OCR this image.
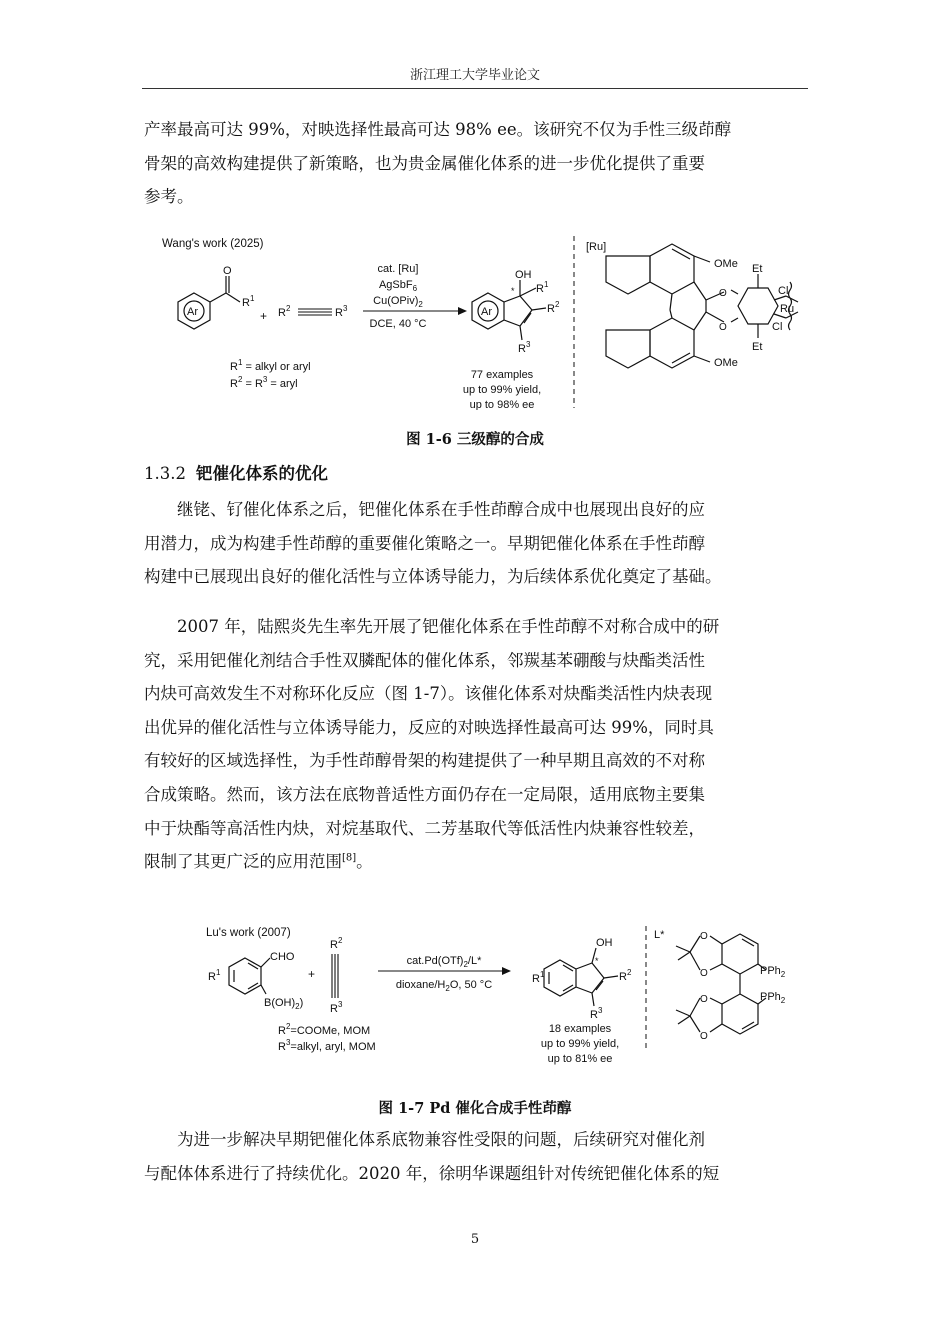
浙江理工大学毕业论文
产率最高可达 99%，对映选择性最高可达 98% ee。该研究不仅为手性三级茚醇
骨架的高效构建提供了新策略，也为贵金属催化体系的进一步优化提供了重要
参考。
Wang's work (2025)
Ar
O
$R^1$
+ $R^2$	$R^3$
cat. [Ru]
AgSbF$_6$
$Cu(OPiv)_2$
DCE, 40 °C
Ar
OH
* $R^1$
$R^2$
$R^3$
$R^1$ = alkyl or aryl
$R^2 = R^3$ = aryl
77 examples
up to 99% yield,
up to 98% ee
[Ru]
OMe
OMe
O
O
Et
Et
Cl
Ru
Cl
图 1-6 三级醇的合成
1.3.2 钯催化体系的优化
继铑、钌催化体系之后，钯催化体系在手性茚醇合成中也展现出良好的应
用潜力，成为构建手性茚醇的重要催化策略之一。早期钯催化体系在手性茚醇
构建中已展现出良好的催化活性与立体诱导能力，为后续体系优化奠定了基础。
2007 年，陆熙炎先生率先开展了钯催化体系在手性茚醇不对称合成中的研
究，采用钯催化剂结合手性双膦配体的催化体系，邻羰基苯硼酸与炔酯类活性
内炔可高效发生不对称环化反应（图 1-7）。该催化体系对炔酯类活性内炔表现
出优异的催化活性与立体诱导能力，反应的对映选择性最高可达 99%，同时具
有较好的区域选择性，为手性茚醇骨架的构建提供了一种早期且高效的不对称
合成策略。然而，该方法在底物普适性方面仍存在一定局限，适用底物主要集
中于炔酯等高活性内炔，对烷基取代、二芳基取代等低活性内炔兼容性较差，
限制了其更广泛的应用范围[8]。
Lu's work (2007)
CHO
$B(OH)_2$)
$R^1$	+
$R^2$
$R^3$
$cat.Pd(OTf)_2/L*$
dioxane/$H_2O$, 50 °C
OH
*
$R^1$	$R^2$
$R^3$
$R^2=COOMe$, MOM
$R^3=alkyl$, aryl, MOM
18 examples
up to 99% yield,
up to 81% ee
L*	O
O
O
O
PPh$_2$
PPh$_2$
图 1-7 Pd 催化合成手性茚醇
为进一步解决早期钯催化体系底物兼容性受限的问题，后续研究对催化剂
与配体体系进行了持续优化。2020 年，徐明华课题组针对传统钯催化体系的短
5
